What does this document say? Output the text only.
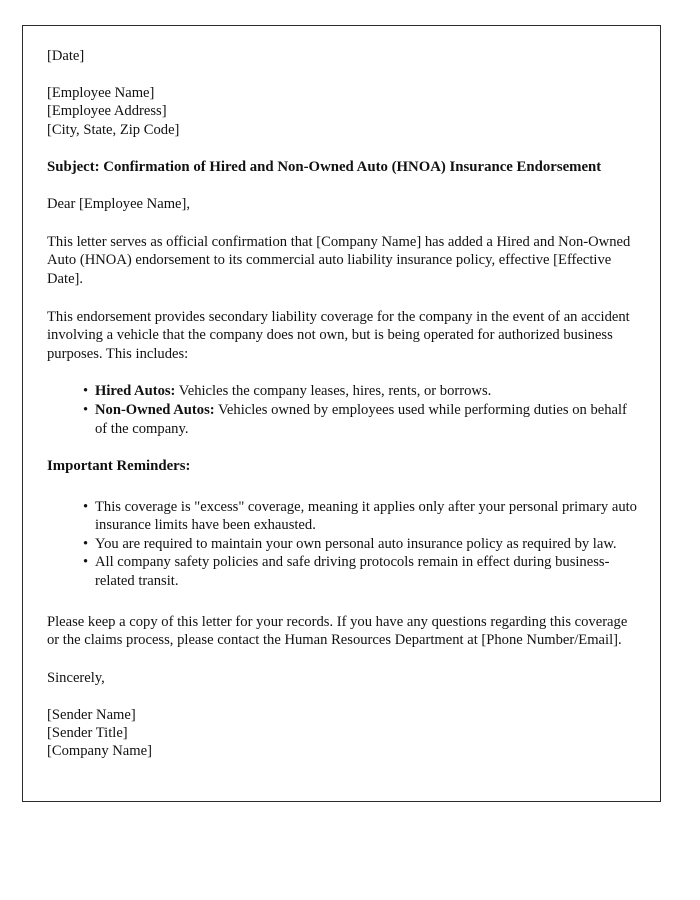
[Date]
[Employee Name]
[Employee Address]
[City, State, Zip Code]

Subject: Confirmation of Hired and Non-Owned Auto (HNOA) Insurance Endorsement

Dear [Employee Name],

This letter serves as official confirmation that [Company Name] has added a Hired and Non-Owned Auto (HNOA) endorsement to its commercial auto liability insurance policy, effective [Effective Date].

This endorsement provides secondary liability coverage for the company in the event of an accident involving a vehicle that the company does not own, but is being operated for authorized business purposes. This includes:

• Hired Autos: Vehicles the company leases, hires, rents, or borrows.
• Non-Owned Autos: Vehicles owned by employees used while performing duties on behalf of the company.

Important Reminders:

• This coverage is "excess" coverage, meaning it applies only after your personal primary auto insurance limits have been exhausted.
• You are required to maintain your own personal auto insurance policy as required by law.
• All company safety policies and safe driving protocols remain in effect during business-related transit.

Please keep a copy of this letter for your records. If you have any questions regarding this coverage or the claims process, please contact the Human Resources Department at [Phone Number/Email].

Sincerely,
[Sender Name]
[Sender Title]
[Company Name]
